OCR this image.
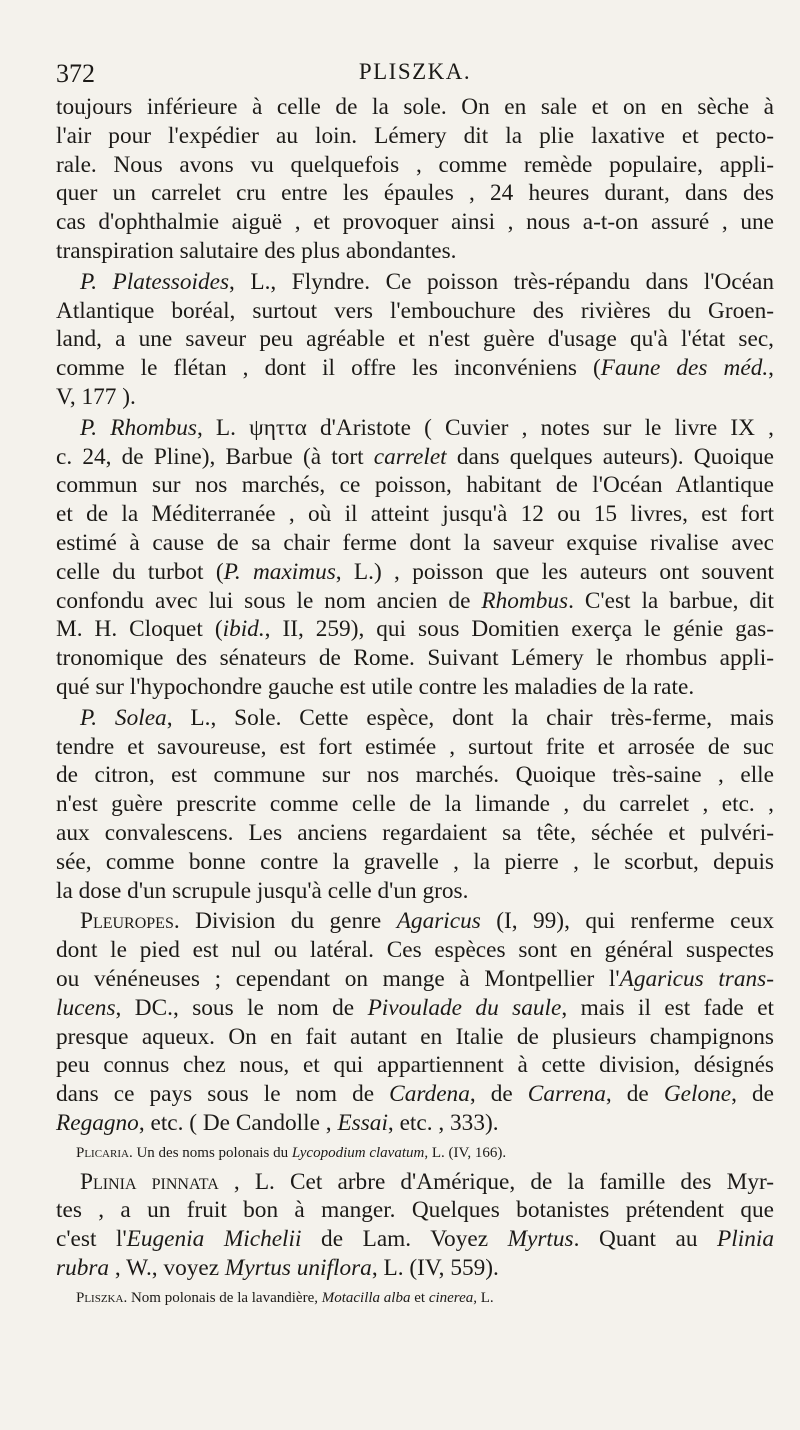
372	PLISZKA.

toujours inférieure à celle de la sole. On en sale et on en sèche à

l'air pour l'expédier au loin. Lémery dit la plie laxative et pecto-

rale. Nous avons vu quelquefois , comme remède populaire, appli-

quer un carrelet cru entre les épaules , 24 heures durant, dans des

cas d'ophthalmie aiguë , et provoquer ainsi , nous a-t-on assuré , une

transpiration salutaire des plus abondantes.

P. Platessoides, L., Flyndre. Ce poisson très-répandu dans l'Océan

Atlantique boréal, surtout vers l'embouchure des rivières du Groen-

land, a une saveur peu agréable et n'est guère d'usage qu'à l'état sec,

comme le flétan , dont il offre les inconvéniens (Faune des méd.,

V, 177 ).

P. Rhombus, L. ψηττα d'Aristote ( Cuvier , notes sur le livre IX ,

c. 24, de Pline), Barbue (à tort carrelet dans quelques auteurs). Quoique

commun sur nos marchés, ce poisson, habitant de l'Océan Atlantique

et de la Méditerranée , où il atteint jusqu'à 12 ou 15 livres, est fort

estimé à cause de sa chair ferme dont la saveur exquise rivalise avec

celle du turbot (P. maximus, L.) , poisson que les auteurs ont souvent

confondu avec lui sous le nom ancien de Rhombus. C'est la barbue, dit

M. H. Cloquet (ibid., II, 259), qui sous Domitien exerça le génie gas-

tronomique des sénateurs de Rome. Suivant Lémery le rhombus appli-

qué sur l'hypochondre gauche est utile contre les maladies de la rate.

P. Solea, L., Sole. Cette espèce, dont la chair très-ferme, mais

tendre et savoureuse, est fort estimée , surtout frite et arrosée de suc

de citron, est commune sur nos marchés. Quoique très-saine , elle

n'est guère prescrite comme celle de la limande , du carrelet , etc. ,

aux convalescens. Les anciens regardaient sa tête, séchée et pulvéri-

sée, comme bonne contre la gravelle , la pierre , le scorbut, depuis

la dose d'un scrupule jusqu'à celle d'un gros.

Pleuropes. Division du genre Agaricus (I, 99), qui renferme ceux

dont le pied est nul ou latéral. Ces espèces sont en général suspectes

ou vénéneuses ; cependant on mange à Montpellier l'Agaricus trans-

lucens, DC., sous le nom de Pivoulade du saule, mais il est fade et

presque aqueux. On en fait autant en Italie de plusieurs champignons

peu connus chez nous, et qui appartiennent à cette division, désignés

dans ce pays sous le nom de Cardena, de Carrena, de Gelone, de

Regagno, etc. ( De Candolle , Essai, etc. , 333).

Plicaria. Un des noms polonais du Lycopodium clavatum, L. (IV, 166).

Plinia pinnata , L. Cet arbre d'Amérique, de la famille des Myr-

tes , a un fruit bon à manger. Quelques botanistes prétendent que

c'est l'Eugenia Michelii de Lam. Voyez Myrtus. Quant au Plinia

rubra , W., voyez Myrtus uniflora, L. (IV, 559).

Pliszka. Nom polonais de la lavandière, Motacilla alba et cinerea, L.
